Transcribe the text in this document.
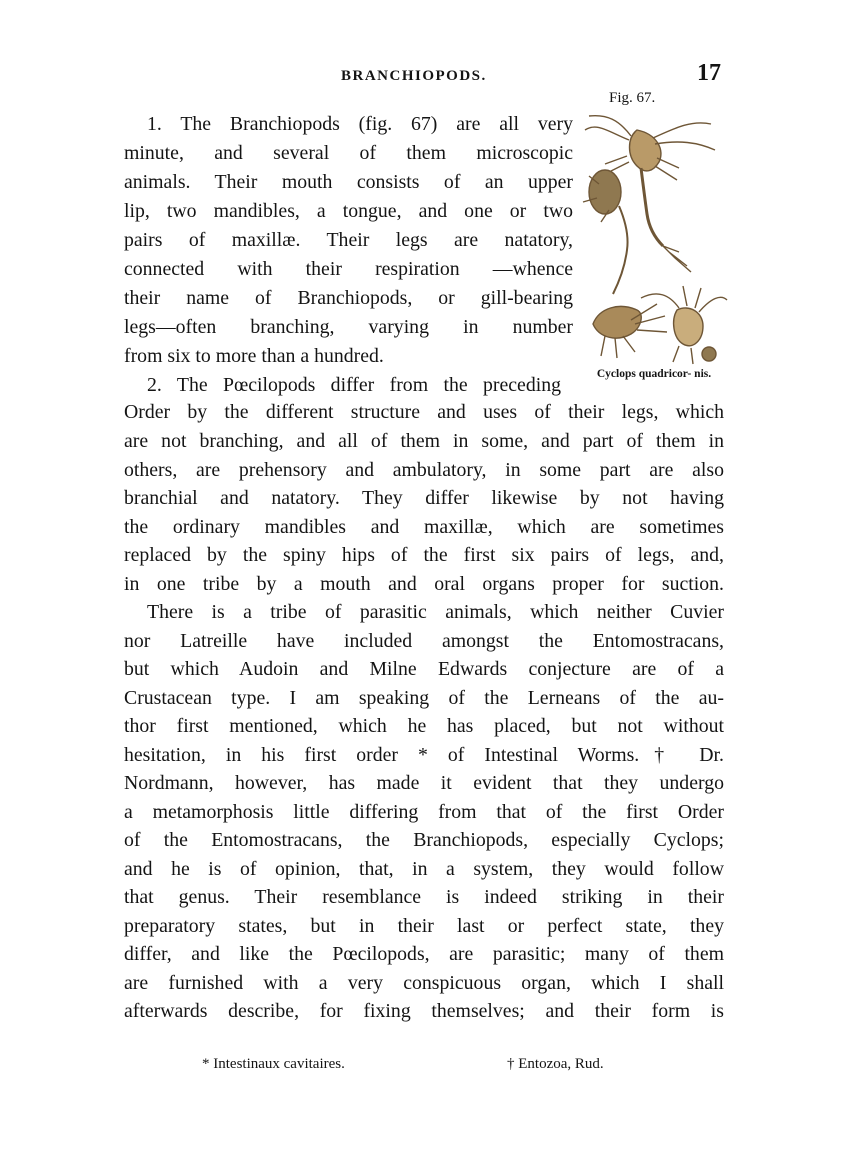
BRANCHIOPODS.	17
Fig. 67.
Cyclops quadricor- nis.
1. The Branchiopods (fig. 67) are all very
minute, and several of them microscopic
animals. Their mouth consists of an upper
lip, two mandibles, a tongue, and one or two
pairs of maxillæ. Their legs are natatory,
connected with their respiration —whence
their name of Branchiopods, or gill-bearing
legs—often branching, varying in number
from six to more than a hundred.
2. The Pœcilopods differ from the preceding
Order by the different structure and uses of their legs, which
are not branching, and all of them in some, and part of them in
others, are prehensory and ambulatory, in some part are also
branchial and natatory. They differ likewise by not having
the ordinary mandibles and maxillæ, which are sometimes
replaced by the spiny hips of the first six pairs of legs, and,
in one tribe by a mouth and oral organs proper for suction.
There is a tribe of parasitic animals, which neither Cuvier
nor Latreille have included amongst the Entomostracans,
but which Audoin and Milne Edwards conjecture are of a
Crustacean type. I am speaking of the Lerneans of the au-
thor first mentioned, which he has placed, but not without
hesitation, in his first order * of Intestinal Worms.† Dr.
Nordmann, however, has made it evident that they undergo
a metamorphosis little differing from that of the first Order
of the Entomostracans, the Branchiopods, especially Cyclops;
and he is of opinion, that, in a system, they would follow
that genus. Their resemblance is indeed striking in their
preparatory states, but in their last or perfect state, they
differ, and like the Pœcilopods, are parasitic; many of them
are furnished with a very conspicuous organ, which I shall
afterwards describe, for fixing themselves; and their form is
* Intestinaux cavitaires.	† Entozoa, Rud.
